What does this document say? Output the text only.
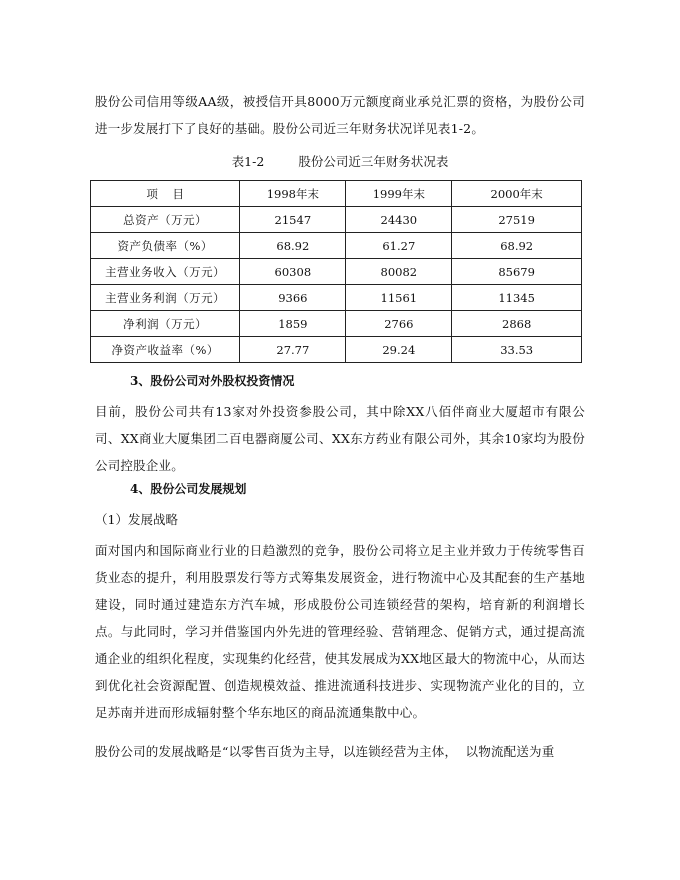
股份公司信用等级AA级，被授信开具8000万元额度商业承兑汇票的资格，为股份公司进一步发展打下了良好的基础。股份公司近三年财务状况详见表1-2。

表1-2	股份公司近三年财务状况表
项    目	1998年末	1999年末	2000年末
总资产（万元）	21547	24430	27519
资产负债率（%）	68.92	61.27	68.92
主营业务收入（万元）	60308	80082	85679
主营业务利润（万元）	9366	11561	11345
净利润（万元）	1859	2766	2868
净资产收益率（%）	27.77	29.24	33.53

3、股份公司对外股权投资情况

目前，股份公司共有13家对外投资参股公司，其中除XX八佰伴商业大厦超市有限公司、XX商业大厦集团二百电器商厦公司、XX东方药业有限公司外，其余10家均为股份公司控股企业。

4、股份公司发展规划

（1）发展战略

面对国内和国际商业行业的日趋激烈的竞争，股份公司将立足主业并致力于传统零售百货业态的提升，利用股票发行等方式筹集发展资金，进行物流中心及其配套的生产基地建设，同时通过建造东方汽车城，形成股份公司连锁经营的架构，培育新的利润增长点。与此同时，学习并借鉴国内外先进的管理经验、营销理念、促销方式，通过提高流通企业的组织化程度，实现集约化经营，使其发展成为XX地区最大的物流中心，从而达到优化社会资源配置、创造规模效益、推进流通科技进步、实现物流产业化的目的，立足苏南并进而形成辐射整个华东地区的商品流通集散中心。

股份公司的发展战略是“以零售百货为主导，以连锁经营为主体，  以物流配送为重
